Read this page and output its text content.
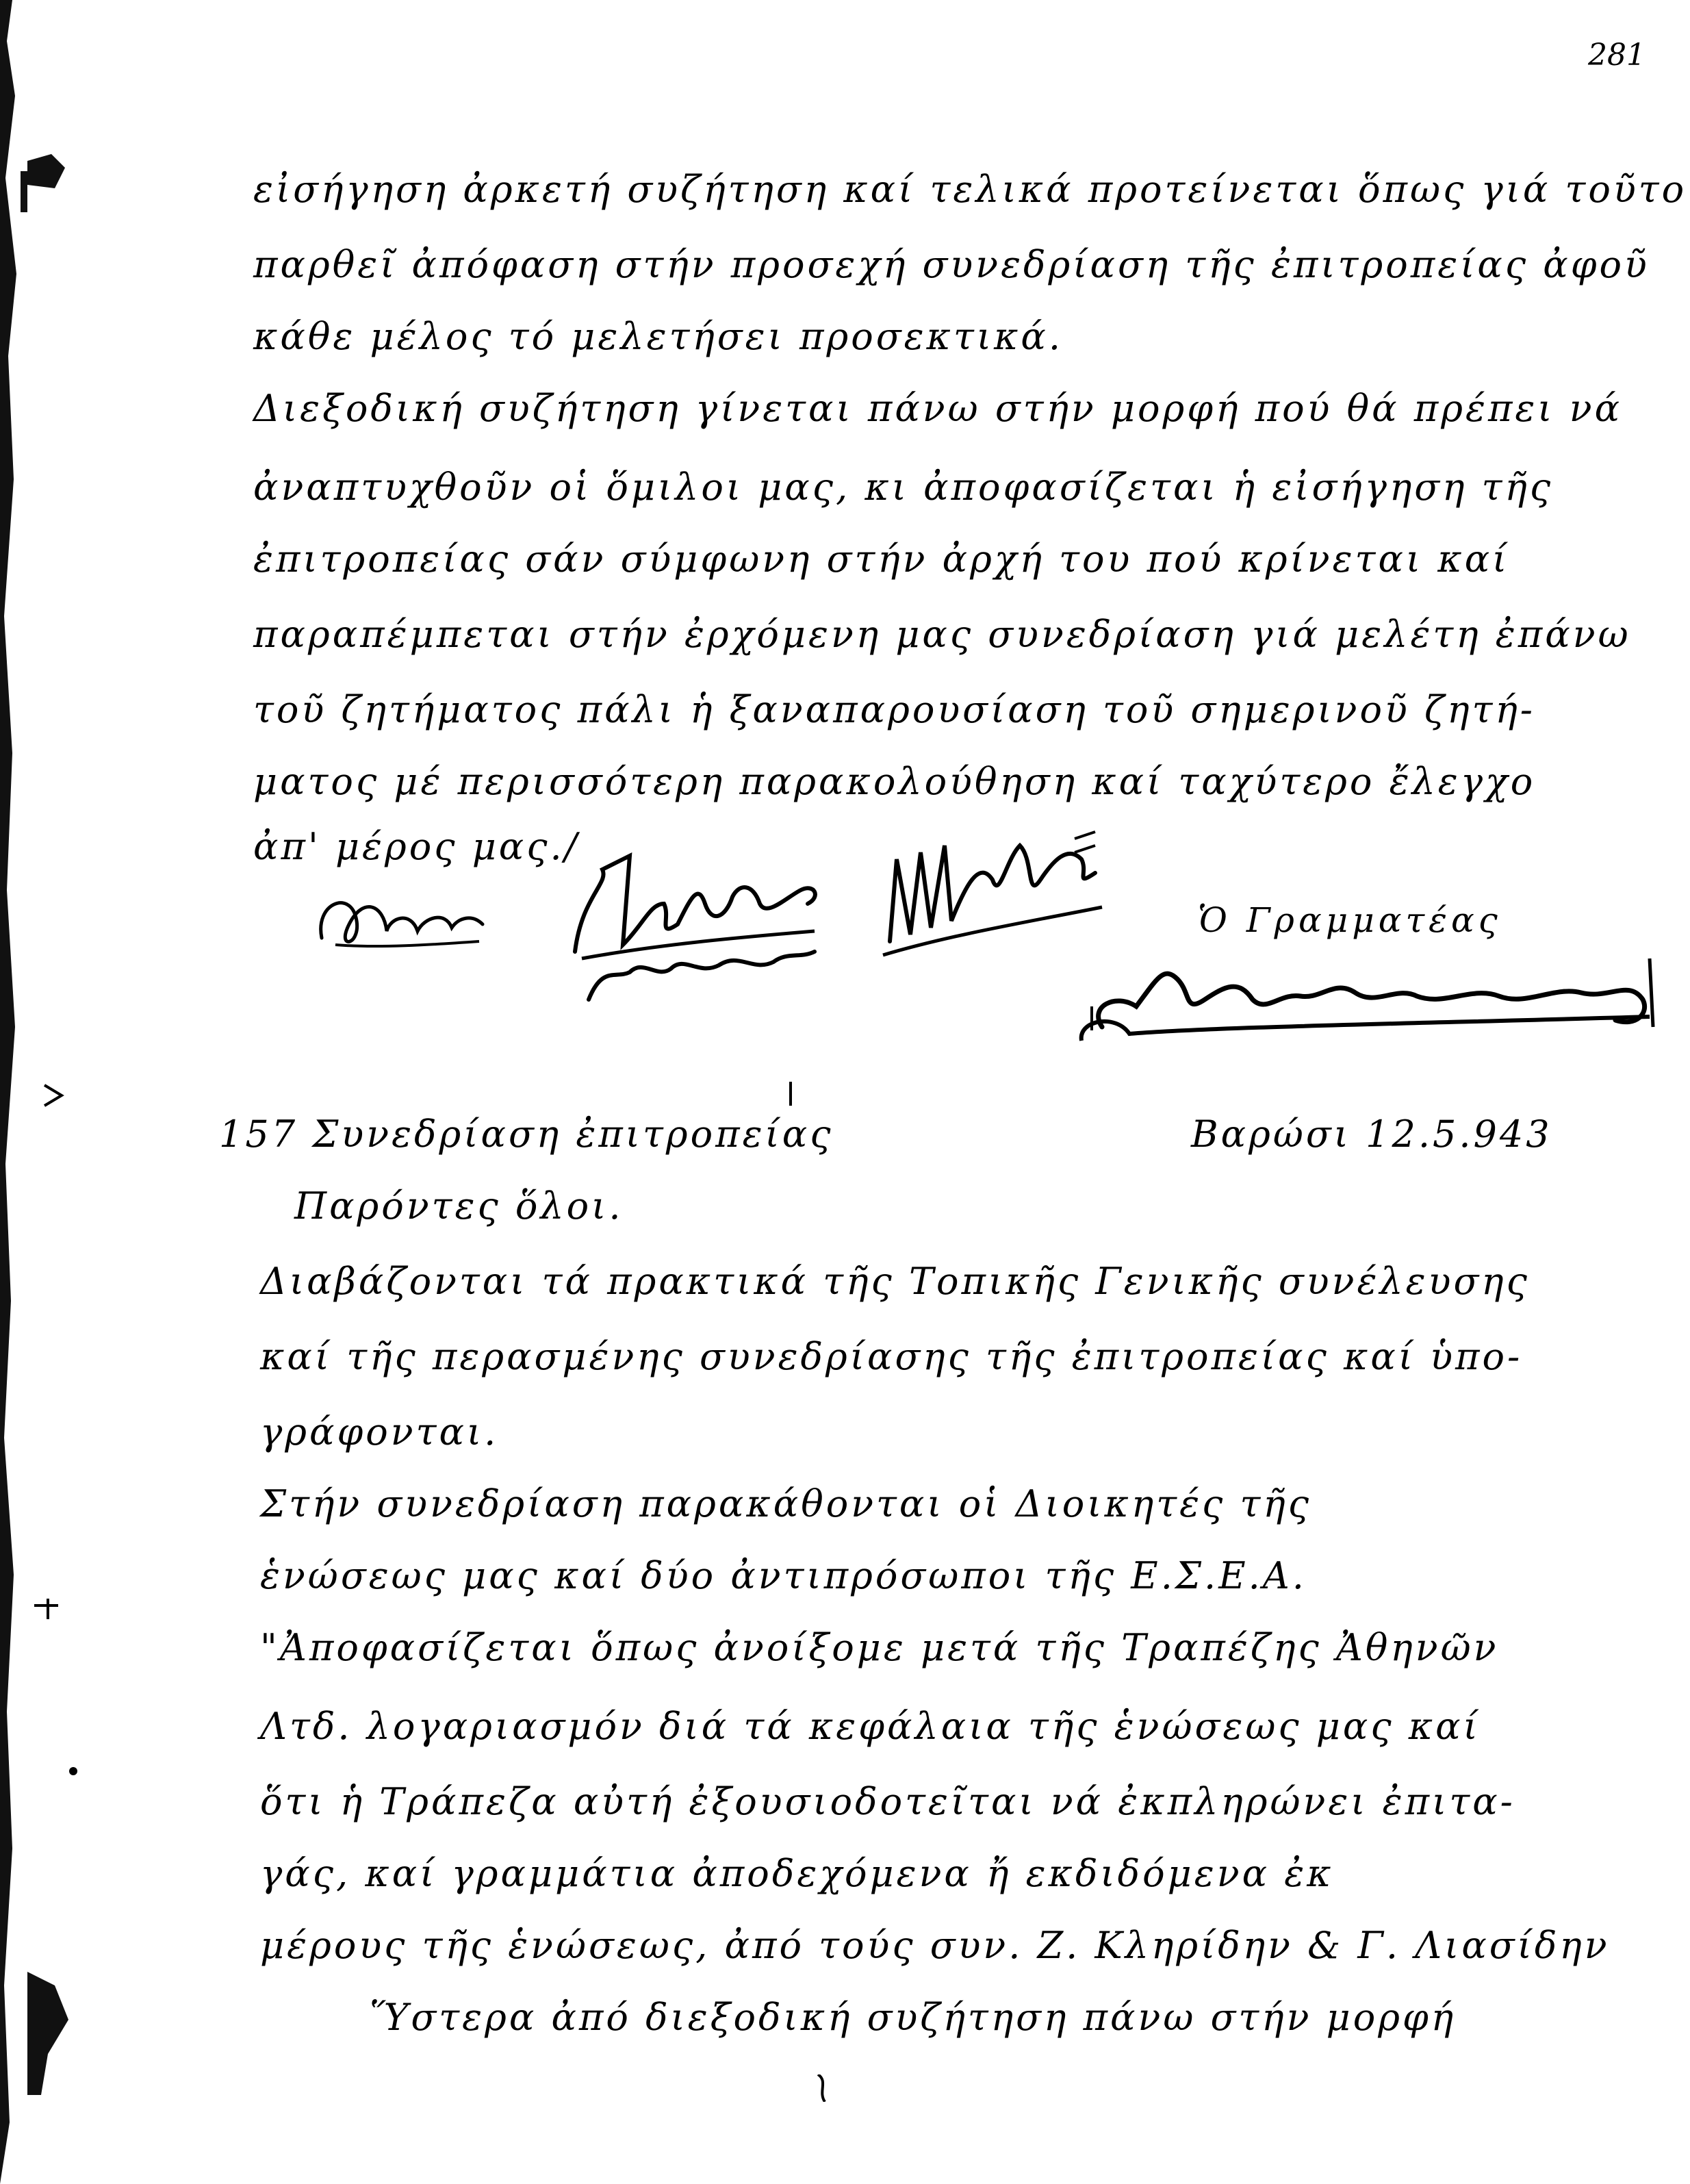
281
εἰσήγηση ἀρκετή συζήτηση καί τελικά προτείνεται ὅπως γιά τοῦτο
παρθεῖ ἀπόφαση στήν προσεχή συνεδρίαση τῆς ἐπιτροπείας ἀφοῦ
κάθε μέλος τό μελετήσει προσεκτικά.
Διεξοδική συζήτηση γίνεται πάνω στήν μορφή πού θά πρέπει νά
ἀναπτυχθοῦν οἱ ὅμιλοι μας, κι ἀποφασίζεται ἡ εἰσήγηση τῆς
ἐπιτροπείας σάν σύμφωνη στήν ἀρχή του πού κρίνεται καί
παραπέμπεται στήν ἐρχόμενη μας συνεδρίαση γιά μελέτη ἐπάνω
τοῦ ζητήματος πάλι ἡ ξαναπαρουσίαση τοῦ σημερινοῦ ζητή-
ματος μέ περισσότερη παρακολούθηση καί ταχύτερο ἔλεγχο
ἀπ' μέρος μας./
Ὁ Γραμματέας
157 Συνεδρίαση ἐπιτροπείας	Βαρώσι 12.5.943
Παρόντες ὅλοι.
Διαβάζονται τά πρακτικά τῆς Τοπικῆς Γενικῆς συνέλευσης
καί τῆς περασμένης συνεδρίασης τῆς ἐπιτροπείας καί ὑπο-
γράφονται.
Στήν συνεδρίαση παρακάθονται οἱ Διοικητές τῆς
ἑνώσεως μας καί δύο ἀντιπρόσωποι τῆς Ε.Σ.Ε.Α.
"Ἀποφασίζεται ὅπως ἀνοίξομε μετά τῆς Τραπέζης Ἀθηνῶν
Λτδ. λογαριασμόν διά τά κεφάλαια τῆς ἑνώσεως μας καί
ὅτι ἡ Τράπεζα αὐτή ἐξουσιοδοτεῖται νά ἐκπληρώνει ἐπιτα-
γάς, καί γραμμάτια ἀποδεχόμενα ἤ εκδιδόμενα ἐκ
μέρους τῆς ἑνώσεως, ἀπό τούς συν. Ζ. Κληρίδην & Γ. Λιασίδην
Ὕστερα ἀπό διεξοδική συζήτηση πάνω στήν μορφή
